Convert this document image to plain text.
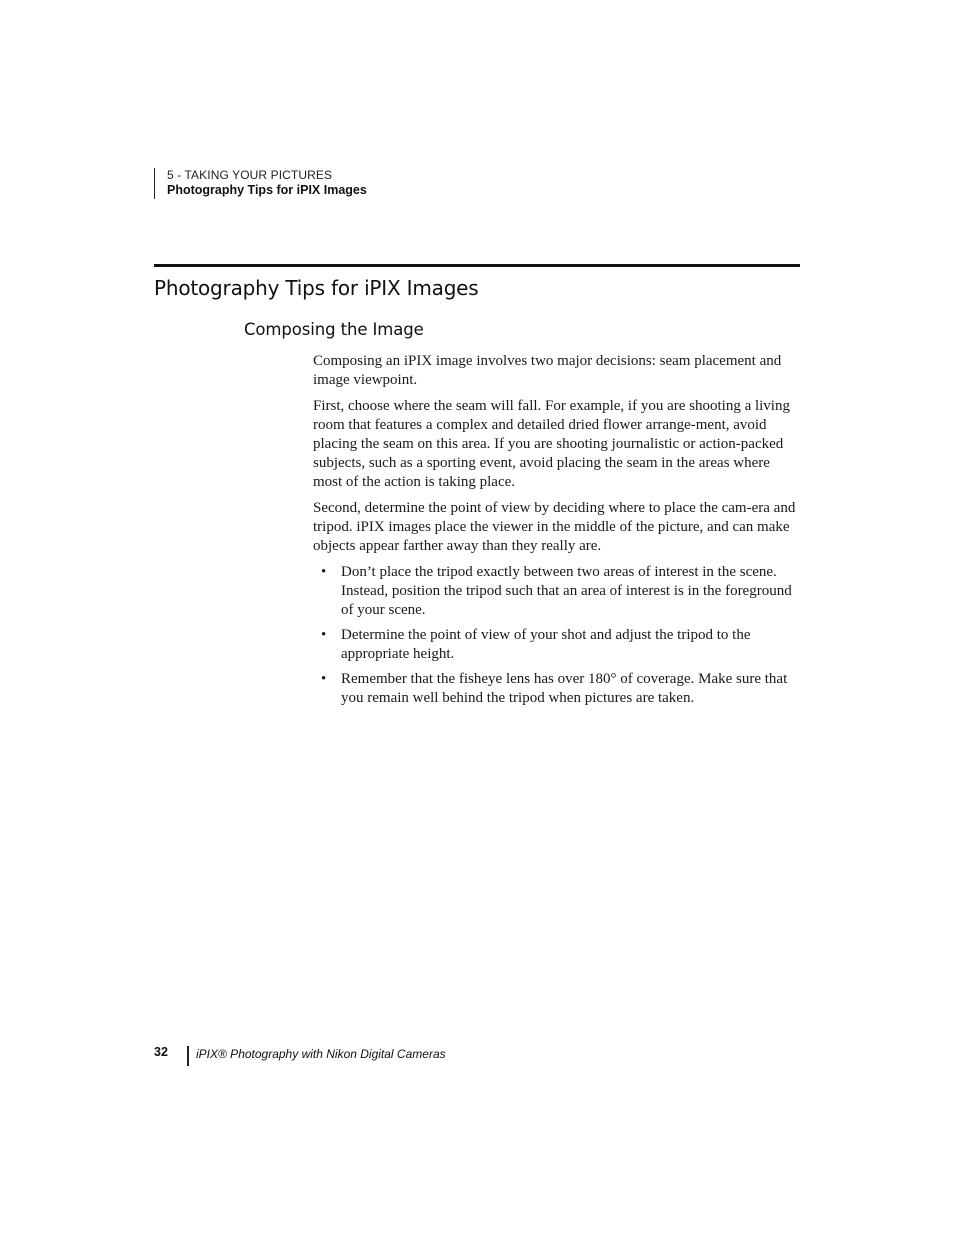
5 - TAKING YOUR PICTURES
Photography Tips for iPIX Images
Photography Tips for iPIX Images
Composing the Image

Composing an iPIX image involves two major decisions: seam placement and image viewpoint.

First, choose where the seam will fall. For example, if you are shooting a living room that features a complex and detailed dried flower arrange-ment, avoid placing the seam on this area. If you are shooting journalistic or action-packed subjects, such as a sporting event, avoid placing the seam in the areas where most of the action is taking place.

Second, determine the point of view by deciding where to place the cam-era and tripod. iPIX images place the viewer in the middle of the picture, and can make objects appear farther away than they really are.

• Don’t place the tripod exactly between two areas of interest in the scene. Instead, position the tripod such that an area of interest is in the foreground of your scene.
• Determine the point of view of your shot and adjust the tripod to the appropriate height.
• Remember that the fisheye lens has over 180° of coverage. Make sure that you remain well behind the tripod when pictures are taken.
32 iPIX® Photography with Nikon Digital Cameras
